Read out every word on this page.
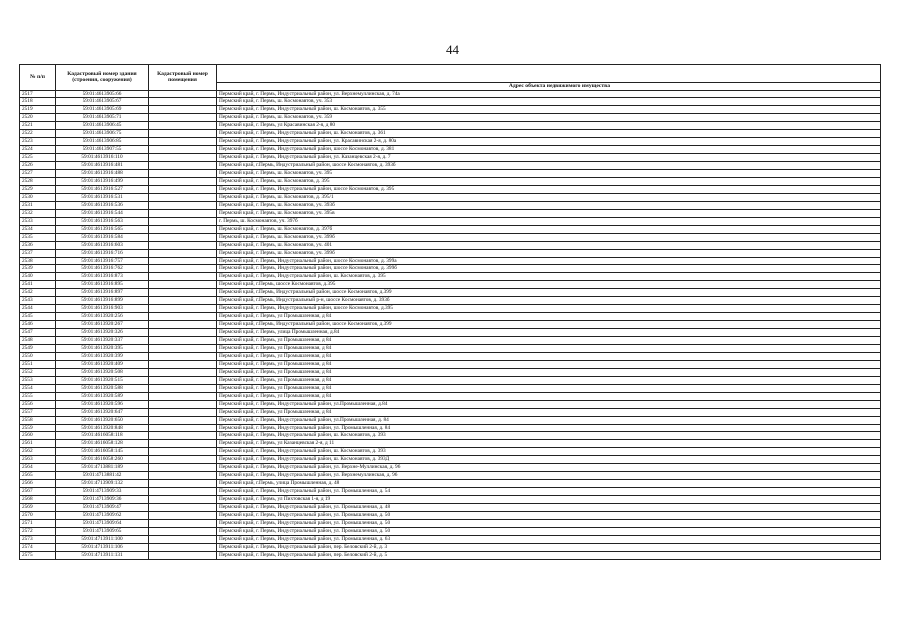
44
№ п/п	Кадастровый номер здания (строения, сооружения)	Кадастровый номер помещения	
			Адрес объекта недвижимого имущества
2517	59:01:4613905:66		Пермский край, г. Пермь, Индустриальный район, ул. Верхнемуллинская, д. 74а
2518	59:01:4613905:67		Пермский край, г. Пермь, ш. Космонавтов, уч. 353
2519	59:01:4613905:69		Пермский край, г. Пермь, Индустриальный район, ш. Космонавтов, д. 355
2520	59:01:4613905:71		Пермский край, г. Пермь, ш. Космонавтов, уч. 359
2521	59:01:4613906:45		Пермский край, г. Пермь, ул Красавинская 2-я, д 80
2522	59:01:4613906:75		Пермский край, г. Пермь, Индустриальный район, ш. Космонавтов, д. 361
2523	59:01:4613906:85		Пермский край, г. Пермь, Индустриальный район, ул. Красавинская 2-я, д. 80а
2524	59:01:4613907:55		Пермский край, г. Пермь, Индустриальный район, шоссе Космонавтов, д. 381
2525	59:01:4613916:110		Пермский край, г. Пермь, Индустриальный район, ул. Казанцевская 2-я, д. 7
2526	59:01:4613916:481		Пермский край, г.Пермь, Индустриальный район, шоссе Космонавтов, д. 393б
2527	59:01:4613916:488		Пермский край, г. Пермь, ш. Космонавтов, уч. 395
2528	59:01:4613916:499		Пермский край, г. Пермь, ш. Космонавтов, д. 395
2529	59:01:4613916:527		Пермский край, г. Пермь, Индустриальный район, шоссе Космонавтов, д. 395
2530	59:01:4613916:531		Пермский край, г. Пермь, ш. Космонавтов, д. 395/1
2531	59:01:4613916:536		Пермский край, г. Пермь, ш. Космонавтов, уч. 393б
2532	59:01:4613916:544		Пермский край, г. Пермь, ш. Космонавтов, уч. 395в
2533	59:01:4613916:563		г. Пермь, ш. Космонавтов, уч. 397б
2534	59:01:4613916:565		Пермский край, г. Пермь, ш. Космонавтов, д. 397б
2535	59:01:4613916:584		Пермский край, г. Пермь, ш. Космонавтов, уч. 399б
2536	59:01:4613916:603		Пермский край, г. Пермь, ш. Космонавтов, уч. 401
2537	59:01:4613916:716		Пермский край, г. Пермь, ш. Космонавтов, уч. 399б
2538	59:01:4613916:757		Пермский край, г. Пермь, Индустриальный район, шоссе Космонавтов, д. 399а
2539	59:01:4613916:762		Пермский край, г. Пермь, Индустриальный район, шоссе Космонавтов, д. 399б
2540	59:01:4613916:873		Пермский край, г. Пермь, Индустриальный район, ш. Космонавтов, д. 395
2541	59:01:4613916:895		Пермский край, г.Пермь, шоссе Космонавтов, д.395
2542	59:01:4613916:897		Пермский край, г.Пермь, Индустриальный район, шоссе Космонавтов, д.399
2543	59:01:4613916:899		Пермский край, г.Пермь, Индустриальный р-н, шоссе Космонавтов, д. 393б
2544	59:01:4613916:903		Пермский край, г. Пермь, Индустриальный район, шоссе Космонавтов, д.395
2545	59:01:4613920:256		Пермский край, г. Пермь, ул Промышленная, д 84
2546	59:01:4613920:267		Пермский край, г.Пермь, Индустриальный район, шоссе Космонавтов, д.399
2547	59:01:4613920:326		Пермский край, г. Пермь, улица Промышленная, д.84
2548	59:01:4613920:337		Пермский край, г. Пермь, ул Промышленная, д 84
2549	59:01:4613920:395		Пермский край, г. Пермь, ул Промышленная, д 84
2550	59:01:4613920:399		Пермский край, г. Пермь, ул Промышленная, д 84
2551	59:01:4613920:409		Пермский край, г. Пермь, ул Промышленная, д 84
2552	59:01:4613920:508		Пермский край, г. Пермь, ул Промышленная, д 84
2553	59:01:4613920:515		Пермский край, г. Пермь, ул Промышленная, д 84
2554	59:01:4613920:588		Пермский край, г. Пермь, ул Промышленная, д 84
2555	59:01:4613920:589		Пермский край, г. Пермь, ул Промышленная, д 84
2556	59:01:4613920:596		Пермский край, г. Пермь, Индустриальный район, ул.Промышленная, д.84
2557	59:01:4613920:647		Пермский край, г. Пермь, ул Промышленная, д 84
2558	59:01:4613920:650		Пермский край, г. Пермь, Индустриальный район, ул.Промышленная, д. 84
2559	59:01:4613920:848		Пермский край, г. Пермь, Индустриальный район, ул. Промышленная, д. 84
2560	59:01:4616058:118		Пермский край, г. Пермь, Индустриальный район, ш. Космонавтов, д. 393
2561	59:01:4616058:128		Пермский край, г. Пермь, ул Казанцевская 2-я, д 11
2562	59:01:4616058:145		Пермский край, г. Пермь, Индустриальный район, ш. Космонавтов, д. 393
2563	59:01:4616058:260		Пермский край, г. Пермь, Индустриальный район, ш. Космонавтов, д. 393Д
2564	59:01:4713881:189		Пермский край, г. Пермь, Индустриальный район, ул. Верхне-Муллинская, д. 96
2565	59:01:4713881:42		Пермский край, г. Пермь, Индустриальный район, ул. Верхнемуллинская, д. 96
2566	59:01:4713909:132		Пермский край, г.Пермь, улица Промышленная, д. 48
2567	59:01:4713909:33		Пермский край, г. Пермь, Индустриальный район, ул. Промышленная, д. 54
2568	59:01:4713909:36		Пермский край, г. Пермь, ул Пихтовская 1-я, д 19
2569	59:01:4713909:47		Пермский край, г. Пермь, Индустриальный район, ул. Промышленная, д. 48
2570	59:01:4713909:62		Пермский край, г. Пермь, Индустриальный район, ул. Промышленная, д. 50
2571	59:01:4713909:64		Пермский край, г. Пермь, Индустриальный район, ул. Промышленная, д. 50
2572	59:01:4713909:65		Пермский край, г. Пермь, Индустриальный район, ул. Промышленная, д. 50
2573	59:01:4713911:100		Пермский край, г. Пермь, Индустриальный район, ул. Промышленная, д. 63
2574	59:01:4713911:106		Пермский край, г. Пермь, Индустриальный район, пер. Беловский 2-й, д. 3
2575	59:01:4713911:131		Пермский край, г. Пермь, Индустриальный район, пер. Беловский 2-й, д. 5
